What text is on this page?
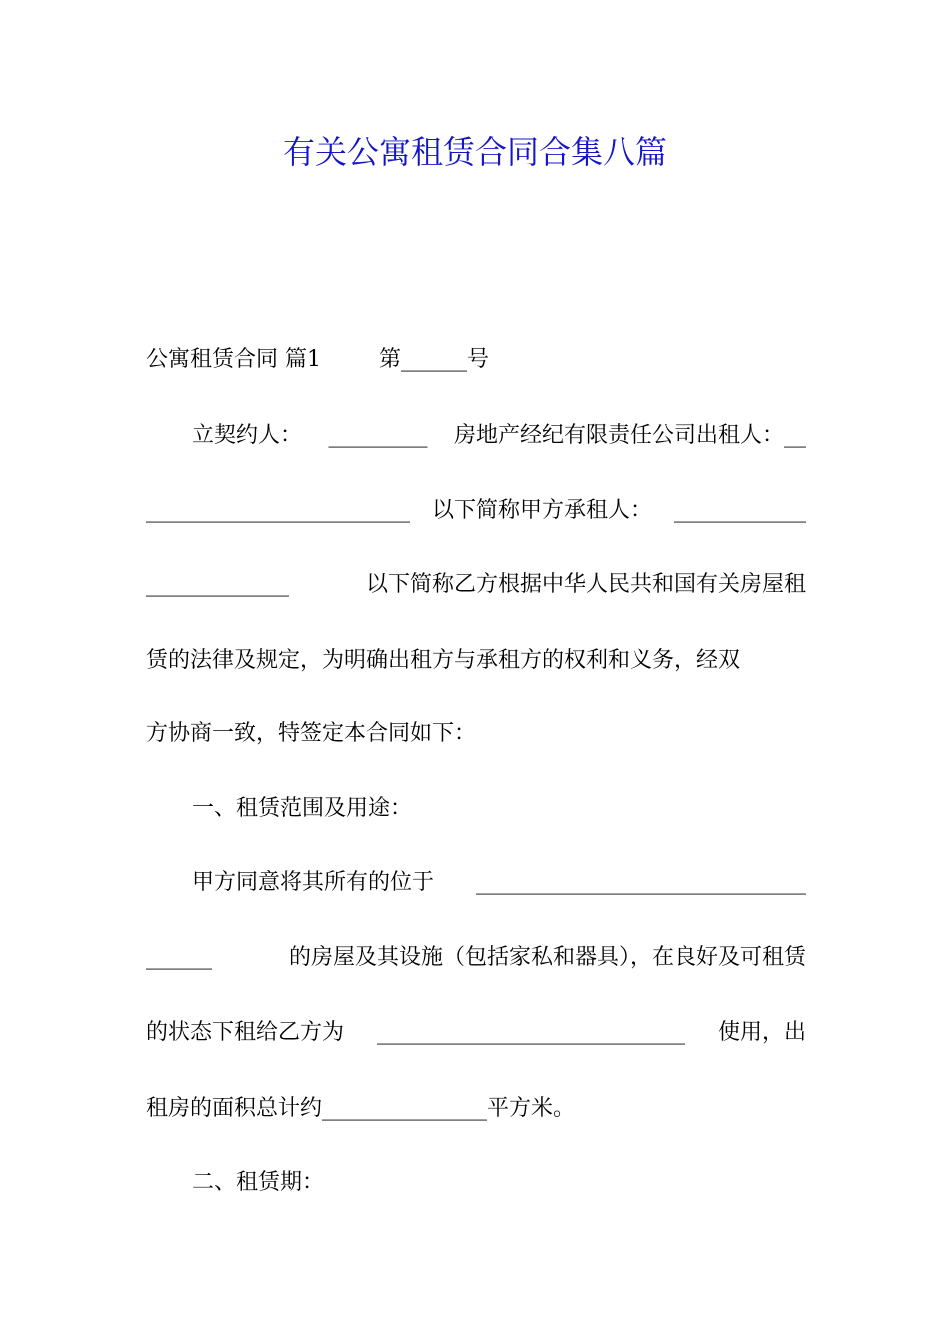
有关公寓租赁合同合集八篇
公寓租赁合同 篇1	第______号
立契约人： _________ 房地产经纪有限责任公司出租人：__
________________________ 以下简称甲方承租人： ____________
_____________	以下简称乙方根据中华人民共和国有关房屋租
赁的法律及规定，为明确出租方与承租方的权利和义务，经双
方协商一致，特签定本合同如下：
一、租赁范围及用途：
甲方同意将其所有的位于 ______________________________
______	的房屋及其设施（包括家私和器具），在良好及可租赁
的状态下租给乙方为 ____________________________ 使用，出
租房的面积总计约_______________平方米。
二、租赁期：
